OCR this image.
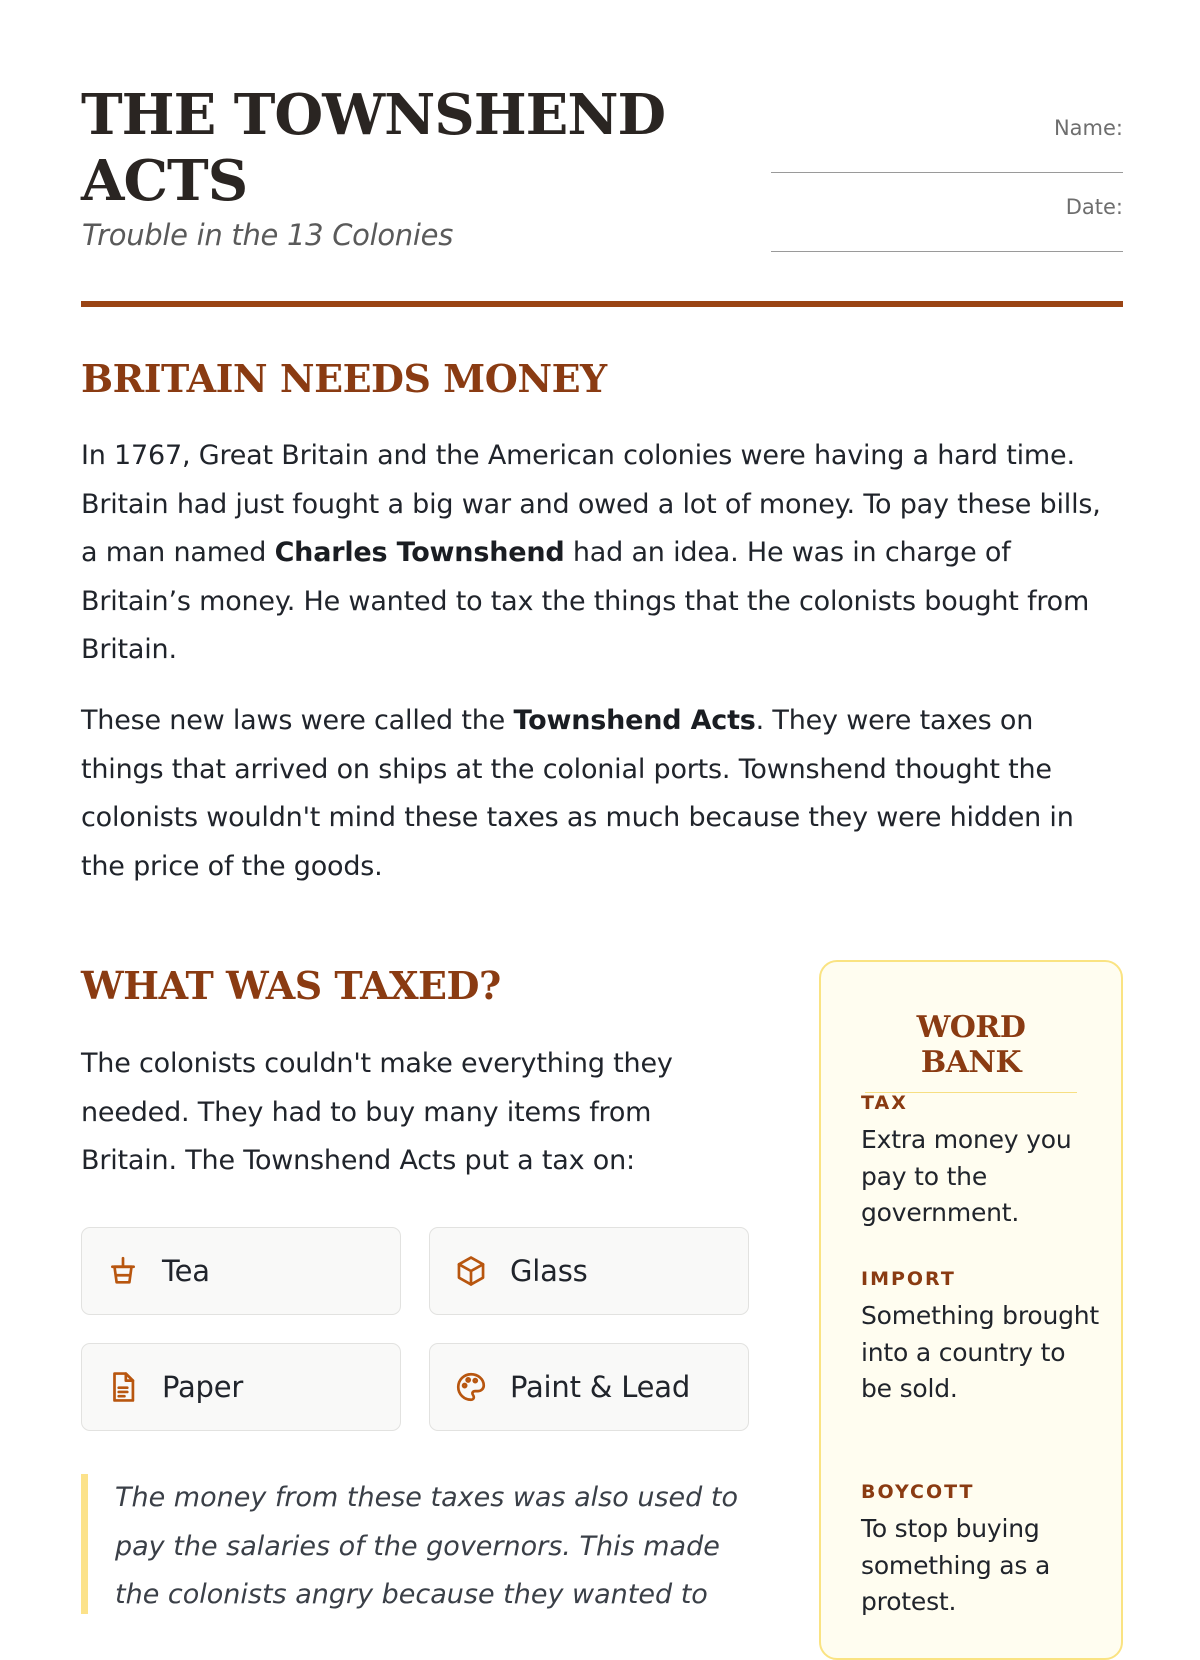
THE TOWNSHEND ACTS
Trouble in the 13 Colonies
Name:
Date:
BRITAIN NEEDS MONEY

In 1767, Great Britain and the American colonies were having a hard time. Britain had just fought a big war and owed a lot of money. To pay these bills, a man named Charles Townshend had an idea. He was in charge of Britain’s money. He wanted to tax the things that the colonists bought from Britain.

These new laws were called the Townshend Acts. They were taxes on things that arrived on ships at the colonial ports. Townshend thought the colonists wouldn't mind these taxes as much because they were hidden in the price of the goods.

WHAT WAS TAXED?

The colonists couldn't make everything they needed. They had to buy many items from Britain. The Townshend Acts put a tax on:

Tea	Glass
Paper	Paint & Lead
The money from these taxes was also used to pay the salaries of the governors. This made the colonists angry because they wanted to
WORD BANK
TAX
Extra money you pay to the government.
IMPORT
Something brought into a country to be sold.
BOYCOTT
To stop buying something as a protest.
